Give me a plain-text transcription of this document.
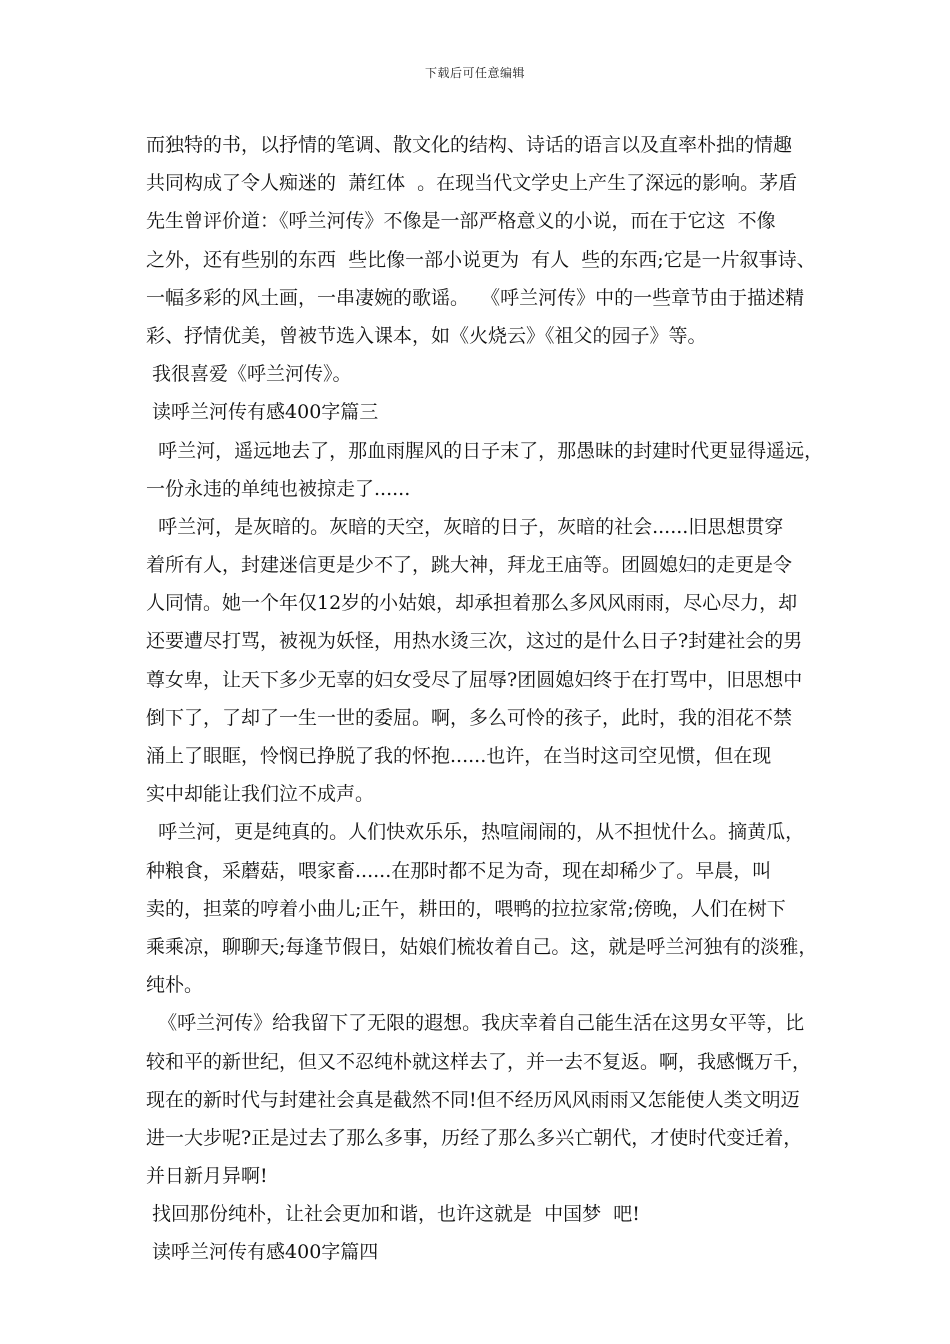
下载后可任意编辑
而独特的书，以抒情的笔调、散文化的结构、诗话的语言以及直率朴拙的情趣
共同构成了令人痴迷的  萧红体  。在现当代文学史上产生了深远的影响。茅盾
先生曾评价道：《呼兰河传》不像是一部严格意义的小说，而在于它这  不像
之外，还有些别的东西  些比像一部小说更为  有人  些的东西;它是一片叙事诗、
一幅多彩的风土画，一串凄婉的歌谣。  《呼兰河传》中的一些章节由于描述精
彩、抒情优美，曾被节选入课本，如《火烧云》《祖父的园子》等。
我很喜爱《呼兰河传》。
读呼兰河传有感400字篇三
呼兰河，遥远地去了，那血雨腥风的日子末了，那愚昧的封建时代更显得遥远，
一份永违的单纯也被掠走了......
呼兰河，是灰暗的。灰暗的天空，灰暗的日子，灰暗的社会......旧思想贯穿
着所有人，封建迷信更是少不了，跳大神，拜龙王庙等。团圆媳妇的走更是令
人同情。她一个年仅12岁的小姑娘，却承担着那么多风风雨雨，尽心尽力，却
还要遭尽打骂，被视为妖怪，用热水烫三次，这过的是什么日子?封建社会的男
尊女卑，让天下多少无辜的妇女受尽了屈辱?团圆媳妇终于在打骂中，旧思想中
倒下了，了却了一生一世的委屈。啊，多么可怜的孩子，此时，我的泪花不禁
涌上了眼眶，怜悯已挣脱了我的怀抱......也许，在当时这司空见惯，但在现
实中却能让我们泣不成声。
呼兰河，更是纯真的。人们快欢乐乐，热喧闹闹的，从不担忧什么。摘黄瓜，
种粮食，采蘑菇，喂家畜......在那时都不足为奇，现在却稀少了。早晨，叫
卖的，担菜的哼着小曲儿;正午，耕田的，喂鸭的拉拉家常;傍晚，人们在树下
乘乘凉，聊聊天;每逢节假日，姑娘们梳妆着自己。这，就是呼兰河独有的淡雅，
纯朴。
《呼兰河传》给我留下了无限的遐想。我庆幸着自己能生活在这男女平等，比
较和平的新世纪，但又不忍纯朴就这样去了，并一去不复返。啊，我感慨万千，
现在的新时代与封建社会真是截然不同!但不经历风风雨雨又怎能使人类文明迈
进一大步呢?正是过去了那么多事，历经了那么多兴亡朝代，才使时代变迁着，
并日新月异啊!
找回那份纯朴，让社会更加和谐，也许这就是  中国梦  吧!
读呼兰河传有感400字篇四
